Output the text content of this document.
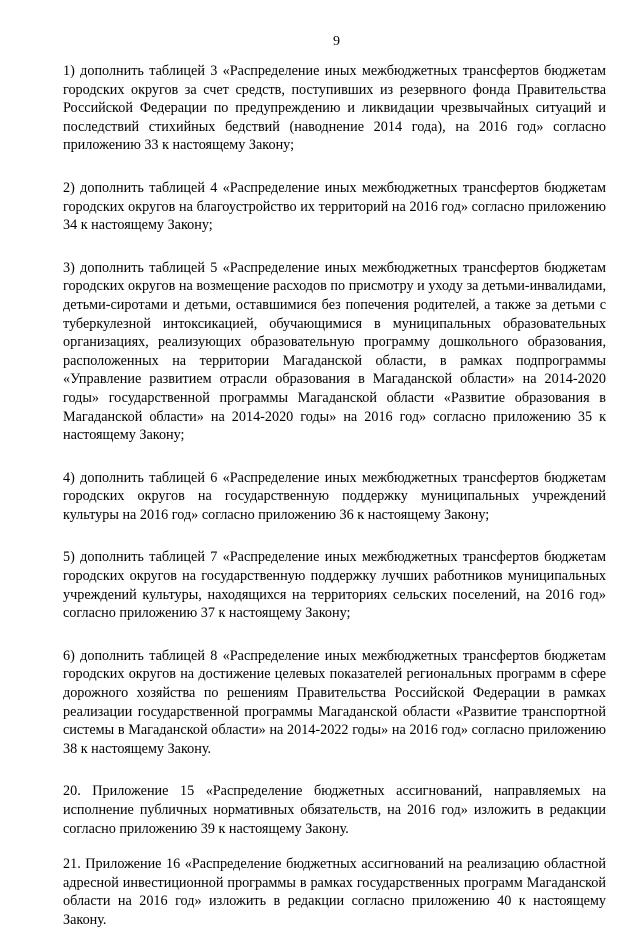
9

1) дополнить таблицей 3 «Распределение иных межбюджетных трансфертов бюджетам городских округов за счет средств, поступивших из резервного фонда Правительства Российской Федерации по предупреждению и ликвидации чрезвычайных ситуаций и последствий стихийных бедствий (наводнение 2014 года), на 2016 год» согласно приложению 33 к настоящему Закону;

2) дополнить таблицей 4 «Распределение иных межбюджетных трансфертов бюджетам городских округов на благоустройство их территорий на 2016 год» согласно приложению 34 к настоящему Закону;

3) дополнить таблицей 5 «Распределение иных межбюджетных трансфертов бюджетам городских округов на возмещение расходов по присмотру и уходу за детьми-инвалидами, детьми-сиротами и детьми, оставшимися без попечения родителей, а также за детьми с туберкулезной интоксикацией, обучающимися в муниципальных образовательных организациях, реализующих образовательную программу дошкольного образования, расположенных на территории Магаданской области, в рамках подпрограммы «Управление развитием отрасли образования в Магаданской области» на 2014-2020 годы» государственной программы Магаданской области «Развитие образования в Магаданской области» на 2014-2020 годы» на 2016 год» согласно приложению 35 к настоящему Закону;

4) дополнить таблицей 6 «Распределение иных межбюджетных трансфертов бюджетам городских округов на государственную поддержку муниципальных учреждений культуры на 2016 год» согласно приложению 36 к настоящему Закону;

5) дополнить таблицей 7 «Распределение иных межбюджетных трансфертов бюджетам городских округов на государственную поддержку лучших работников муниципальных учреждений культуры, находящихся на территориях сельских поселений, на 2016 год» согласно приложению 37 к настоящему Закону;

6) дополнить таблицей 8 «Распределение иных межбюджетных трансфертов бюджетам городских округов на достижение целевых показателей региональных программ в сфере дорожного хозяйства по решениям Правительства Российской Федерации в рамках реализации государственной программы Магаданской области «Развитие транспортной системы в Магаданской области» на 2014-2022 годы» на 2016 год» согласно приложению 38 к настоящему Закону.

20. Приложение 15 «Распределение бюджетных ассигнований, направляемых на исполнение публичных нормативных обязательств, на 2016 год» изложить в редакции согласно приложению 39 к настоящему Закону.

21. Приложение 16 «Распределение бюджетных ассигнований на реализацию областной адресной инвестиционной программы в рамках государственных программ Магаданской области на 2016 год» изложить в редакции согласно приложению 40 к настоящему Закону.
